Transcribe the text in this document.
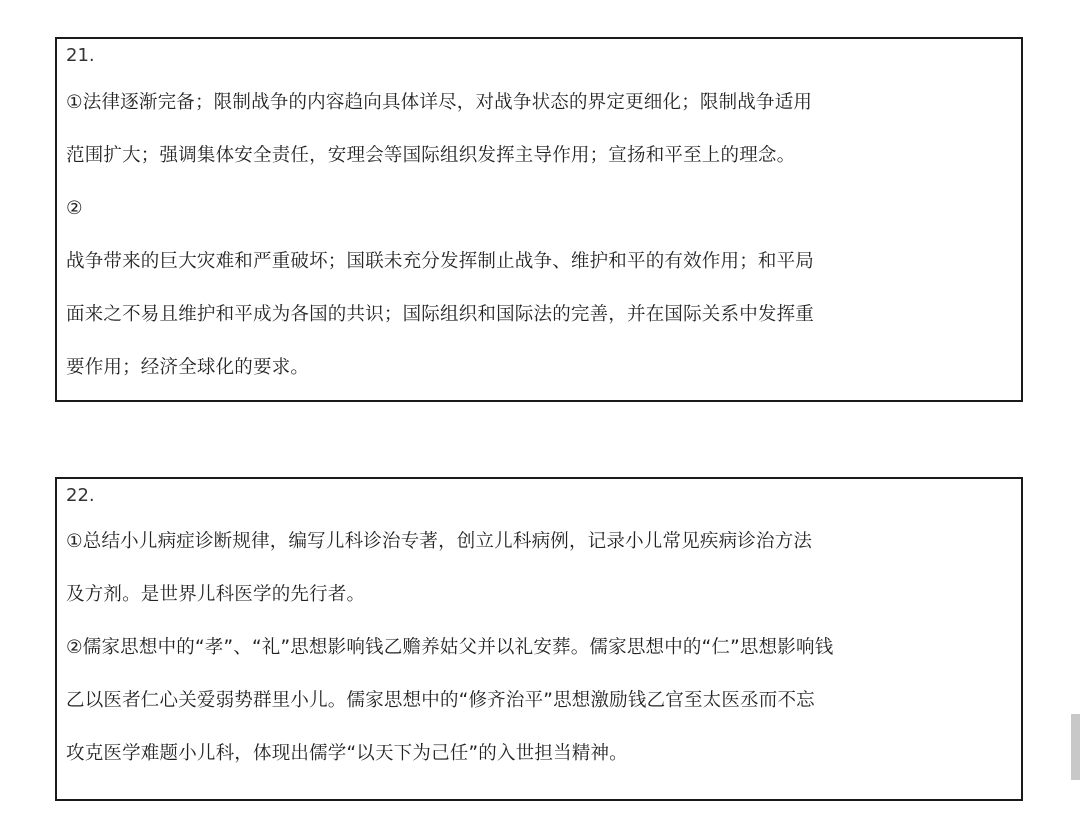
21.
①法律逐渐完备；限制战争的内容趋向具体详尽，对战争状态的界定更细化；限制战争适用
范围扩大；强调集体安全责任，安理会等国际组织发挥主导作用；宣扬和平至上的理念。
②
战争带来的巨大灾难和严重破坏；国联未充分发挥制止战争、维护和平的有效作用；和平局
面来之不易且维护和平成为各国的共识；国际组织和国际法的完善，并在国际关系中发挥重
要作用；经济全球化的要求。
22.
①总结小儿病症诊断规律，编写儿科诊治专著，创立儿科病例，记录小儿常见疾病诊治方法
及方剂。是世界儿科医学的先行者。
②儒家思想中的“孝”、“礼”思想影响钱乙赡养姑父并以礼安葬。儒家思想中的“仁”思想影响钱
乙以医者仁心关爱弱势群里小儿。儒家思想中的“修齐治平”思想激励钱乙官至太医丞而不忘
攻克医学难题小儿科，体现出儒学“以天下为己任”的入世担当精神。
